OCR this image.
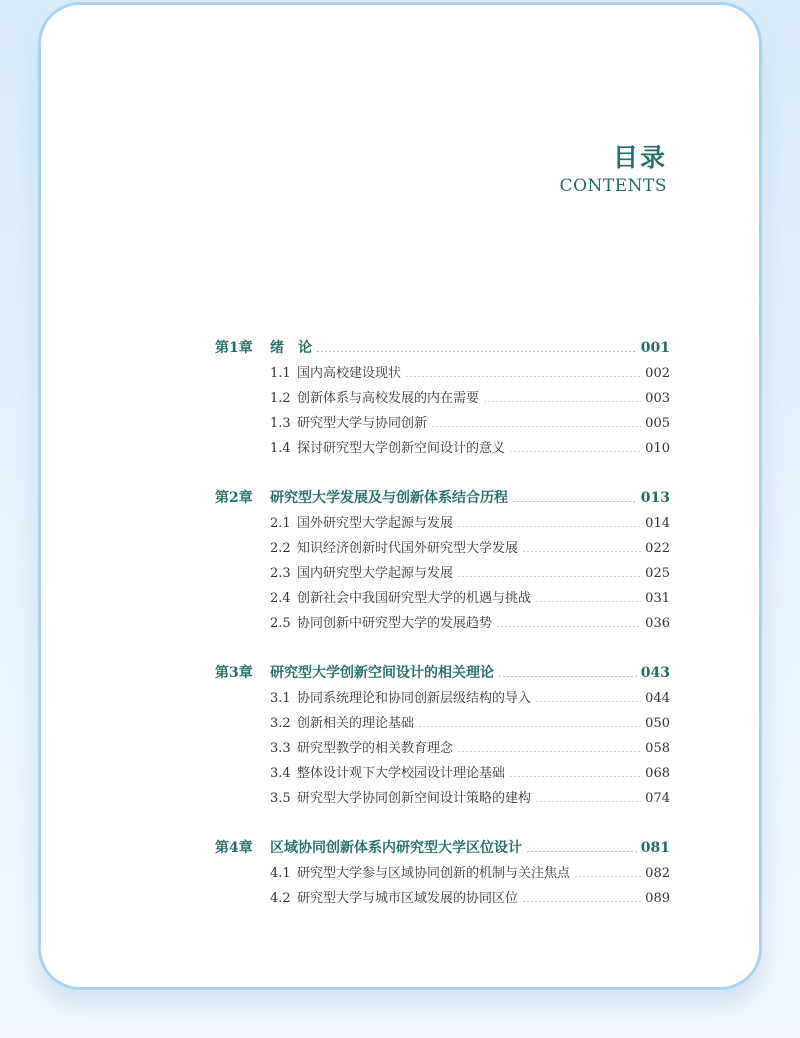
目录
CONTENTS
第1章	绪　论	001
1.1 国内高校建设现状	002
1.2 创新体系与高校发展的内在需要	003
1.3 研究型大学与协同创新	005
1.4 探讨研究型大学创新空间设计的意义	010
第2章	研究型大学发展及与创新体系结合历程	013
2.1 国外研究型大学起源与发展	014
2.2 知识经济创新时代国外研究型大学发展	022
2.3 国内研究型大学起源与发展	025
2.4 创新社会中我国研究型大学的机遇与挑战	031
2.5 协同创新中研究型大学的发展趋势	036
第3章	研究型大学创新空间设计的相关理论	043
3.1 协同系统理论和协同创新层级结构的导入	044
3.2 创新相关的理论基础	050
3.3 研究型教学的相关教育理念	058
3.4 整体设计观下大学校园设计理论基础	068
3.5 研究型大学协同创新空间设计策略的建构	074
第4章	区域协同创新体系内研究型大学区位设计	081
4.1 研究型大学参与区域协同创新的机制与关注焦点	082
4.2 研究型大学与城市区域发展的协同区位	089
